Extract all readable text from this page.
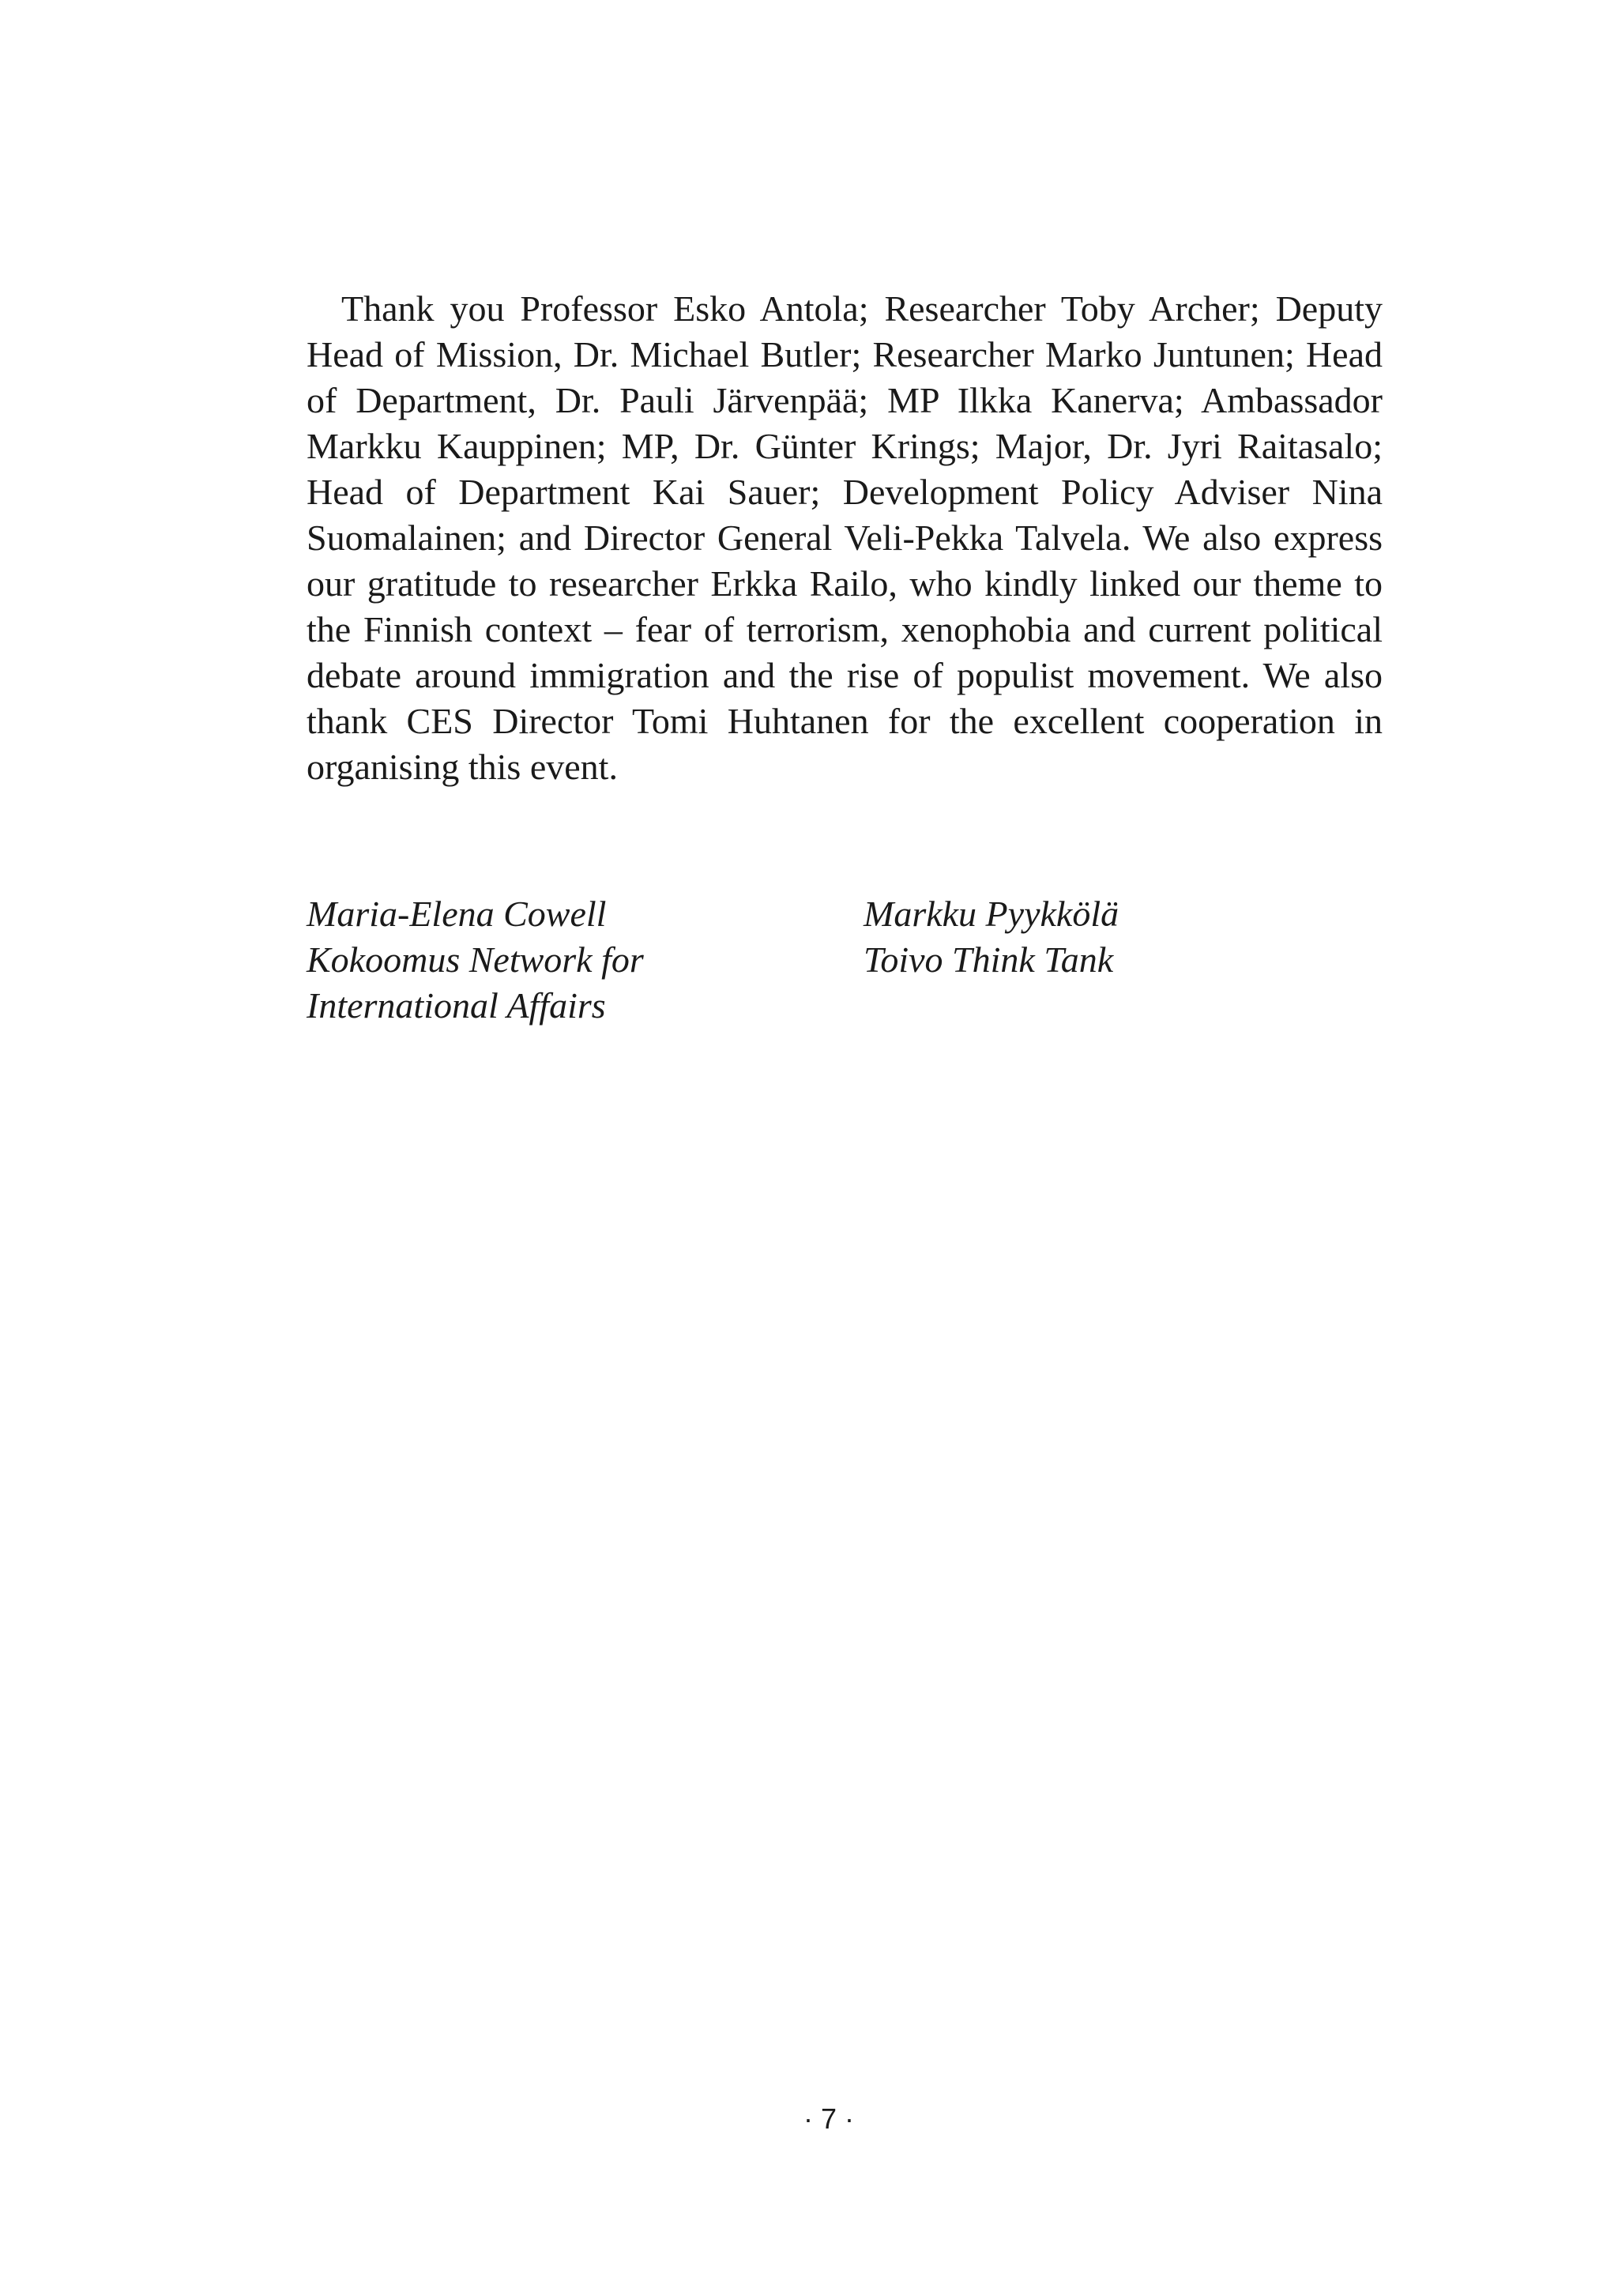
Thank you Professor Esko Antola; Researcher Toby Archer; Deputy Head of Mission, Dr. Michael Butler; Researcher Marko Juntunen; Head of Department, Dr. Pauli Järvenpää; MP Ilkka Kanerva; Ambassador Markku Kauppinen; MP, Dr. Günter Krings; Major, Dr. Jyri Raitasalo; Head of Department Kai Sauer; Development Policy Adviser Nina Suomalainen; and Director General Veli-Pekka Talvela. We also express our gratitude to researcher Erkka Railo, who kindly linked our theme to the Finnish context – fear of terrorism, xenophobia and current political debate around immigration and the rise of populist movement. We also thank CES Director Tomi Huhtanen for the excellent cooperation in organising this event.

Maria-Elena Cowell
Kokoomus Network for
International Affairs
Markku Pyykkölä
Toivo Think Tank
· 7 ·
